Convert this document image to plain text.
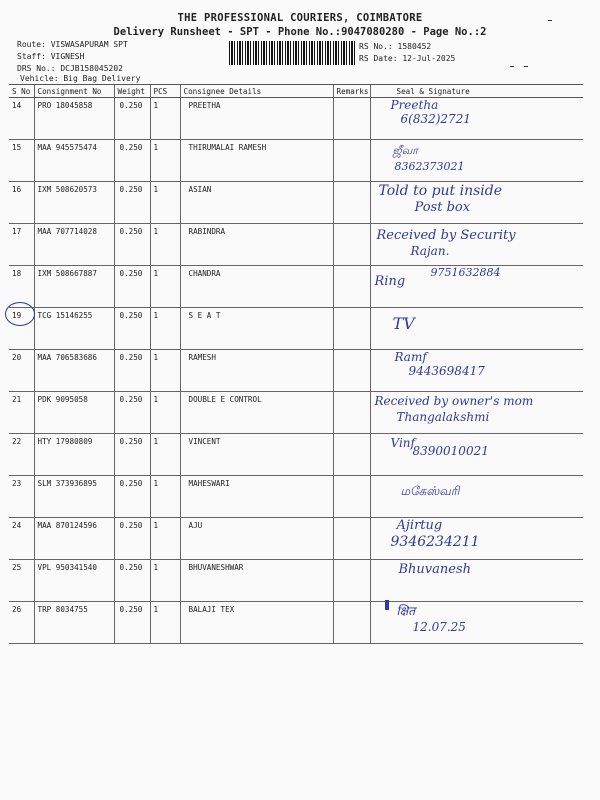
THE PROFESSIONAL COURIERS, COIMBATORE
Delivery Runsheet - SPT - Phone No.:9047080280 - Page No.:2
Route: VISWASAPURAM SPT
Staff: VIGNESH
DRS No.: DCJB158045202
Vehicle: Big Bag Delivery
RS No.: 1580452
RS Date: 12-Jul-2025
S No	Consignment No	Weight	PCS	Consignee Details	Remarks	Seal & Signature
14	PRO 18045858	0.250	1	PREETHA		Preetha
6(832)2721

15	MAA 945575474	0.250	1	THIRUMALAI RAMESH		ஜீவா
8362373021

16	IXM 508620573	0.250	1	ASIAN		Told to put inside
Post box

17	MAA 707714028	0.250	1	RABINDRA		Received by Security
Rajan.

18	IXM 508667887	0.250	1	CHANDRA		Ring
9751632884

19	TCG 15146255	0.250	1	S E A T		TV

20	MAA 706583686	0.250	1	RAMESH		Ramf
9443698417

21	PDK 9095058	0.250	1	DOUBLE E CONTROL		Received by owner's mom
Thangalakshmi

22	HTY 17980809	0.250	1	VINCENT		Vinf
8390010021

23	SLM 373936895	0.250	1	MAHESWARI		மகேஸ்வரி

24	MAA 870124596	0.250	1	AJU		Ajirtug
9346234211

25	VPL 950341540	0.250	1	BHUVANESHWAR		Bhuvanesh

26	TRP 8034755	0.250	1	BALAJI TEX		क्षित
12.07.25
